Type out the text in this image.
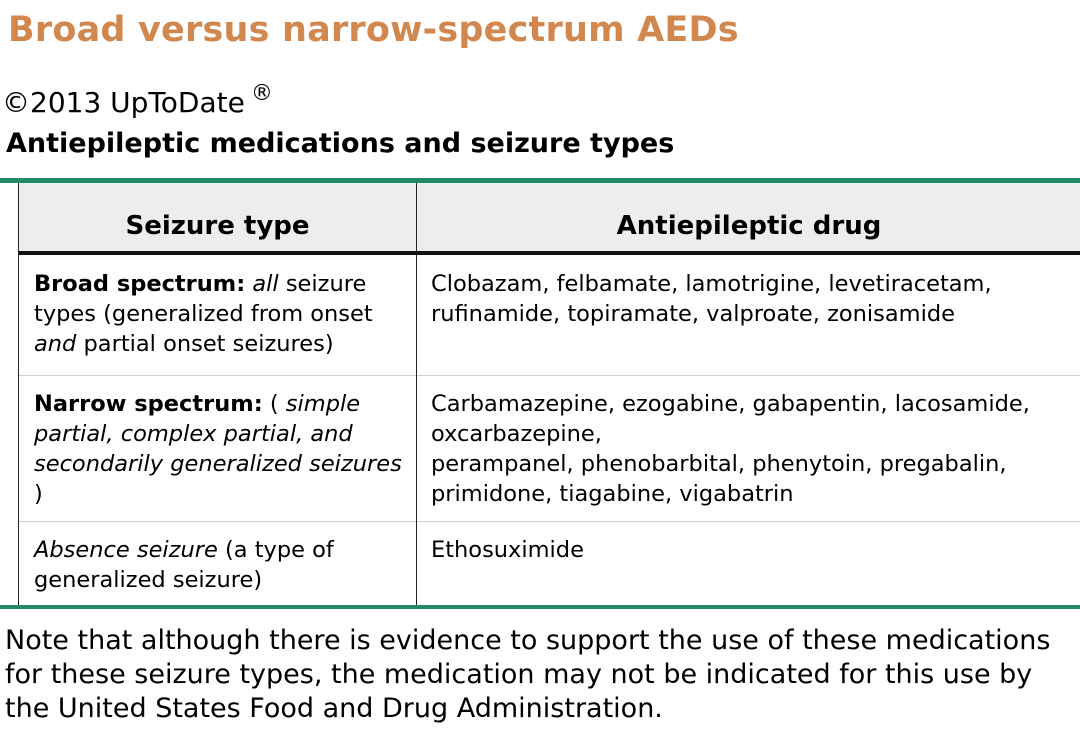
Broad versus narrow-spectrum AEDs
©2013 UpToDate ®
Antiepileptic medications and seizure types
Seizure type	Antiepileptic drug
Broad spectrum: all seizure types (generalized from onset and partial onset seizures)
Clobazam, felbamate, lamotrigine, levetiracetam, rufinamide, topiramate, valproate, zonisamide
Narrow spectrum: ( simple partial, complex partial, and secondarily generalized seizures )
Carbamazepine, ezogabine, gabapentin, lacosamide, oxcarbazepine,
perampanel, phenobarbital, phenytoin, pregabalin, primidone, tiagabine, vigabatrin
Absence seizure (a type of generalized seizure)
Ethosuximide
Note that although there is evidence to support the use of these medications for these seizure types, the medication may not be indicated for this use by the United States Food and Drug Administration.
